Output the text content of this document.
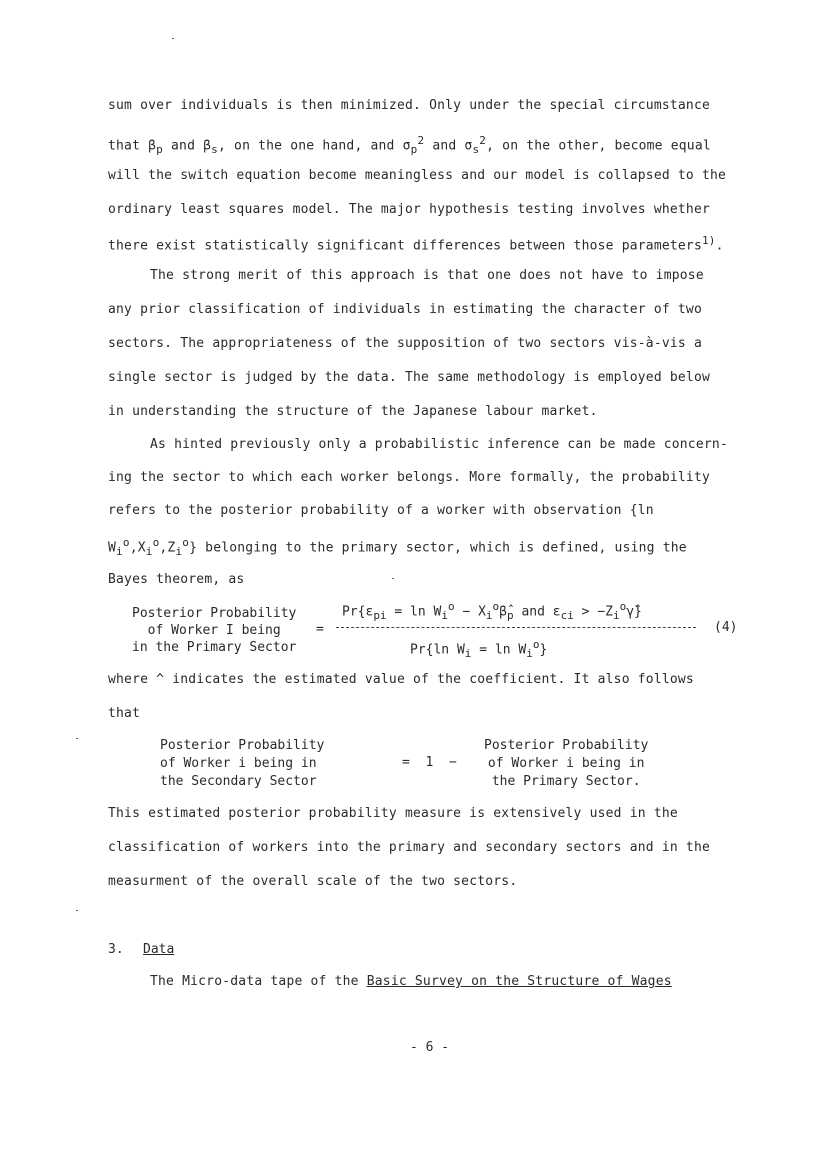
sum over individuals is then minimized. Only under the special circumstance
that $\beta_p$ and $\beta_s$, on the one hand, and $\sigma_p^2$ and $\sigma_s^2$, on the other, become equal
will the switch equation become meaningless and our model is collapsed to the
ordinary least squares model. The major hypothesis testing involves whether
there exist statistically significant differences between those parameters$^{1)}$.
The strong merit of this approach is that one does not have to impose
any prior classification of individuals in estimating the character of two
sectors. The appropriateness of the supposition of two sectors vis-à-vis a
single sector is judged by the data. The same methodology is employed below
in understanding the structure of the Japanese labour market.
As hinted previously only a probabilistic inference can be made concern-
ing the sector to which each worker belongs. More formally, the probability
refers to the posterior probability of a worker with observation {ln
$W_i^o,X_i^o,Z_i^o$} belonging to the primary sector, which is defined, using the
Bayes theorem, as
Posterior Probability
of Worker I being
in the Primary Sector
=
$Pr\{\varepsilon_{pi} = \ln W_i^o$ − $X_i^o\betâ_p$ and $\varepsilon_{ci}$ > $-Z_i^o\gammâ$}
Pr{ln $W_i = \ln W_i^o$}
(4)
where ^ indicates the estimated value of the coefficient. It also follows
that
Posterior Probability
of Worker i being in
the Secondary Sector
=  1  −
Posterior Probability
of Worker i being in
the Primary Sector.
This estimated posterior probability measure is extensively used in the
classification of workers into the primary and secondary sectors and in the
measurment of the overall scale of the two sectors.
3. Data
The Micro-data tape of the Basic Survey on the Structure of Wages
- 6 -
